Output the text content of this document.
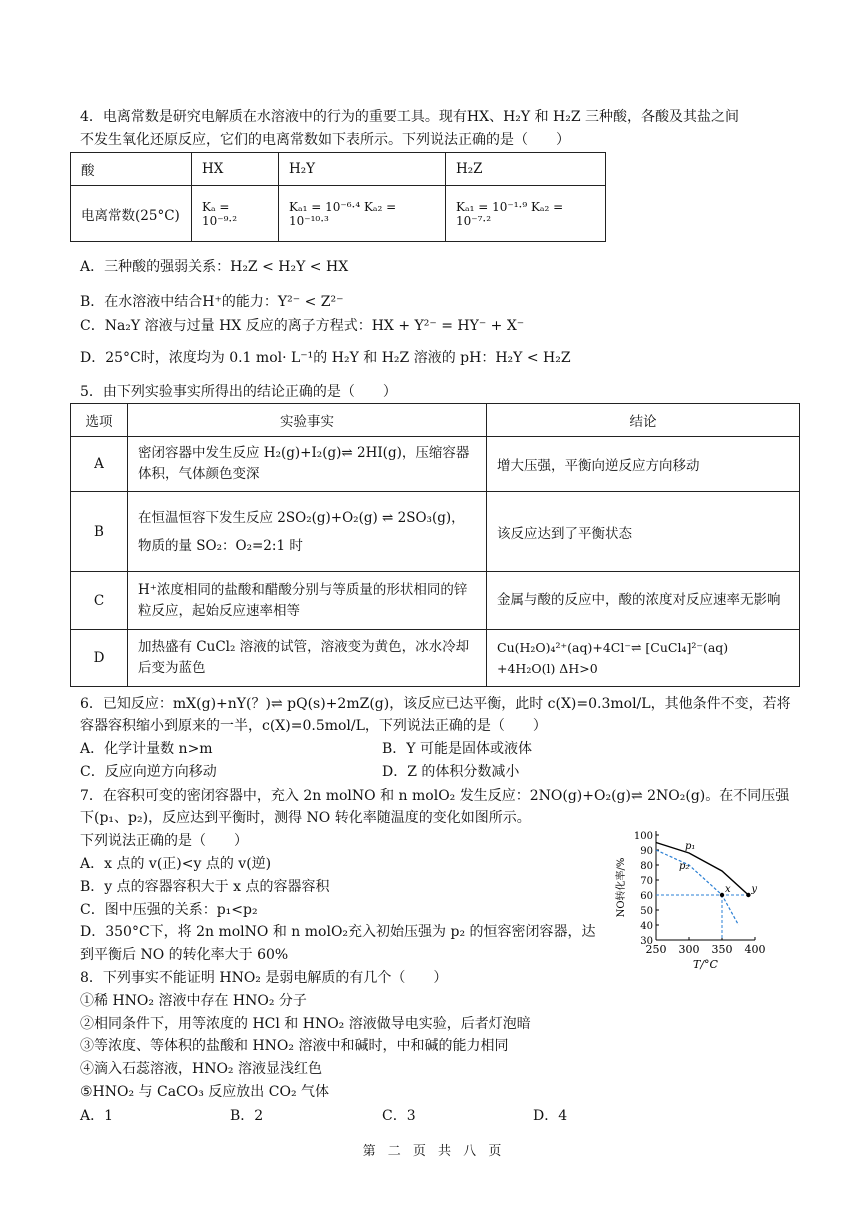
4．电离常数是研究电解质在水溶液中的行为的重要工具。现有HX、H₂Y 和 H₂Z 三种酸，各酸及其盐之间
不发生氧化还原反应，它们的电离常数如下表所示。下列说法正确的是（　　）
酸	HX	H₂Y	H₂Z
电离常数(25°C)	Kₐ = 10⁻⁹·²	Kₐ₁ = 10⁻⁶·⁴ Kₐ₂ = 10⁻¹⁰·³	Kₐ₁ = 10⁻¹·⁹ Kₐ₂ = 10⁻⁷·²
A．三种酸的强弱关系：H₂Z < H₂Y < HX
B．在水溶液中结合H⁺的能力：Y²⁻ < Z²⁻
C．Na₂Y 溶液与过量 HX 反应的离子方程式：HX + Y²⁻ = HY⁻ + X⁻
D．25°C时，浓度均为 0.1 mol· L⁻¹的 H₂Y 和 H₂Z 溶液的 pH：H₂Y < H₂Z
5．由下列实验事实所得出的结论正确的是（　　）
选项	实验事实	结论
A	密闭容器中发生反应 H₂(g)+I₂(g)⇌ 2HI(g)，压缩容器体积，气体颜色变深	增大压强，平衡向逆反应方向移动
B	在恒温恒容下发生反应 2SO₂(g)+O₂(g) ⇌ 2SO₃(g)，物质的量 SO₂：O₂=2:1 时	该反应达到了平衡状态
C	H⁺浓度相同的盐酸和醋酸分别与等质量的形状相同的锌粒反应，起始反应速率相等	金属与酸的反应中，酸的浓度对反应速率无影响
D	加热盛有 CuCl₂ 溶液的试管，溶液变为黄色，冰水冷却后变为蓝色	Cu(H₂O)₄²⁺(aq)+4Cl⁻⇌ [CuCl₄]²⁻(aq)　+4H₂O(l) ΔH>0
6．已知反应：mX(g)+nY(？)⇌ pQ(s)+2mZ(g)，该反应已达平衡，此时 c(X)=0.3mol/L，其他条件不变，若将
容器容积缩小到原来的一半，c(X)=0.5mol/L，下列说法正确的是（　　）
A．化学计量数 n>m	B．Y 可能是固体或液体
C．反应向逆方向移动	D．Z 的体积分数减小
7．在容积可变的密闭容器中，充入 2n molNO 和 n molO₂ 发生反应：2NO(g)+O₂(g)⇌ 2NO₂(g)。在不同压强
下(p₁、p₂)，反应达到平衡时，测得 NO 转化率随温度的变化如图所示。
下列说法正确的是（　　）
A．x 点的 v(正)<y 点的 v(逆)
B．y 点的容器容积大于 x 点的容器容积
C．图中压强的关系：p₁<p₂
D．350°C下，将 2n molNO 和 n molO₂充入初始压强为 p₂ 的恒容密闭容器，达
到平衡后 NO 的转化率大于 60%	250 300 350 400
30
40
50
60
70
80
90
100
T/°C
NO转化率/%
p₁
p₂
x y
8．下列事实不能证明 HNO₂ 是弱电解质的有几个（　　）
①稀 HNO₂ 溶液中存在 HNO₂ 分子
②相同条件下，用等浓度的 HCl 和 HNO₂ 溶液做导电实验，后者灯泡暗
③等浓度、等体积的盐酸和 HNO₂ 溶液中和碱时，中和碱的能力相同
④滴入石蕊溶液，HNO₂ 溶液显浅红色
⑤HNO₂ 与 CaCO₃ 反应放出 CO₂ 气体
A．1	B．2	C．3	D．4
第 二 页 共 八 页
